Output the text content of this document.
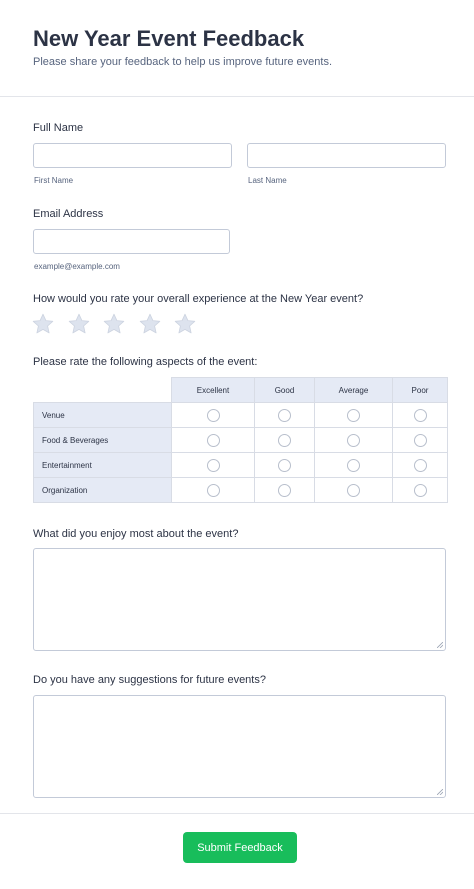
New Year Event Feedback
Please share your feedback to help us improve future events.
Full Name
First Name	Last Name
Email Address
example@example.com
How would you rate your overall experience at the New Year event?
Please rate the following aspects of the event:
	Excellent	Good	Average	Poor
Venue				
Food & Beverages				
Entertainment				
Organization				
What did you enjoy most about the event?
Do you have any suggestions for future events?
Submit Feedback
